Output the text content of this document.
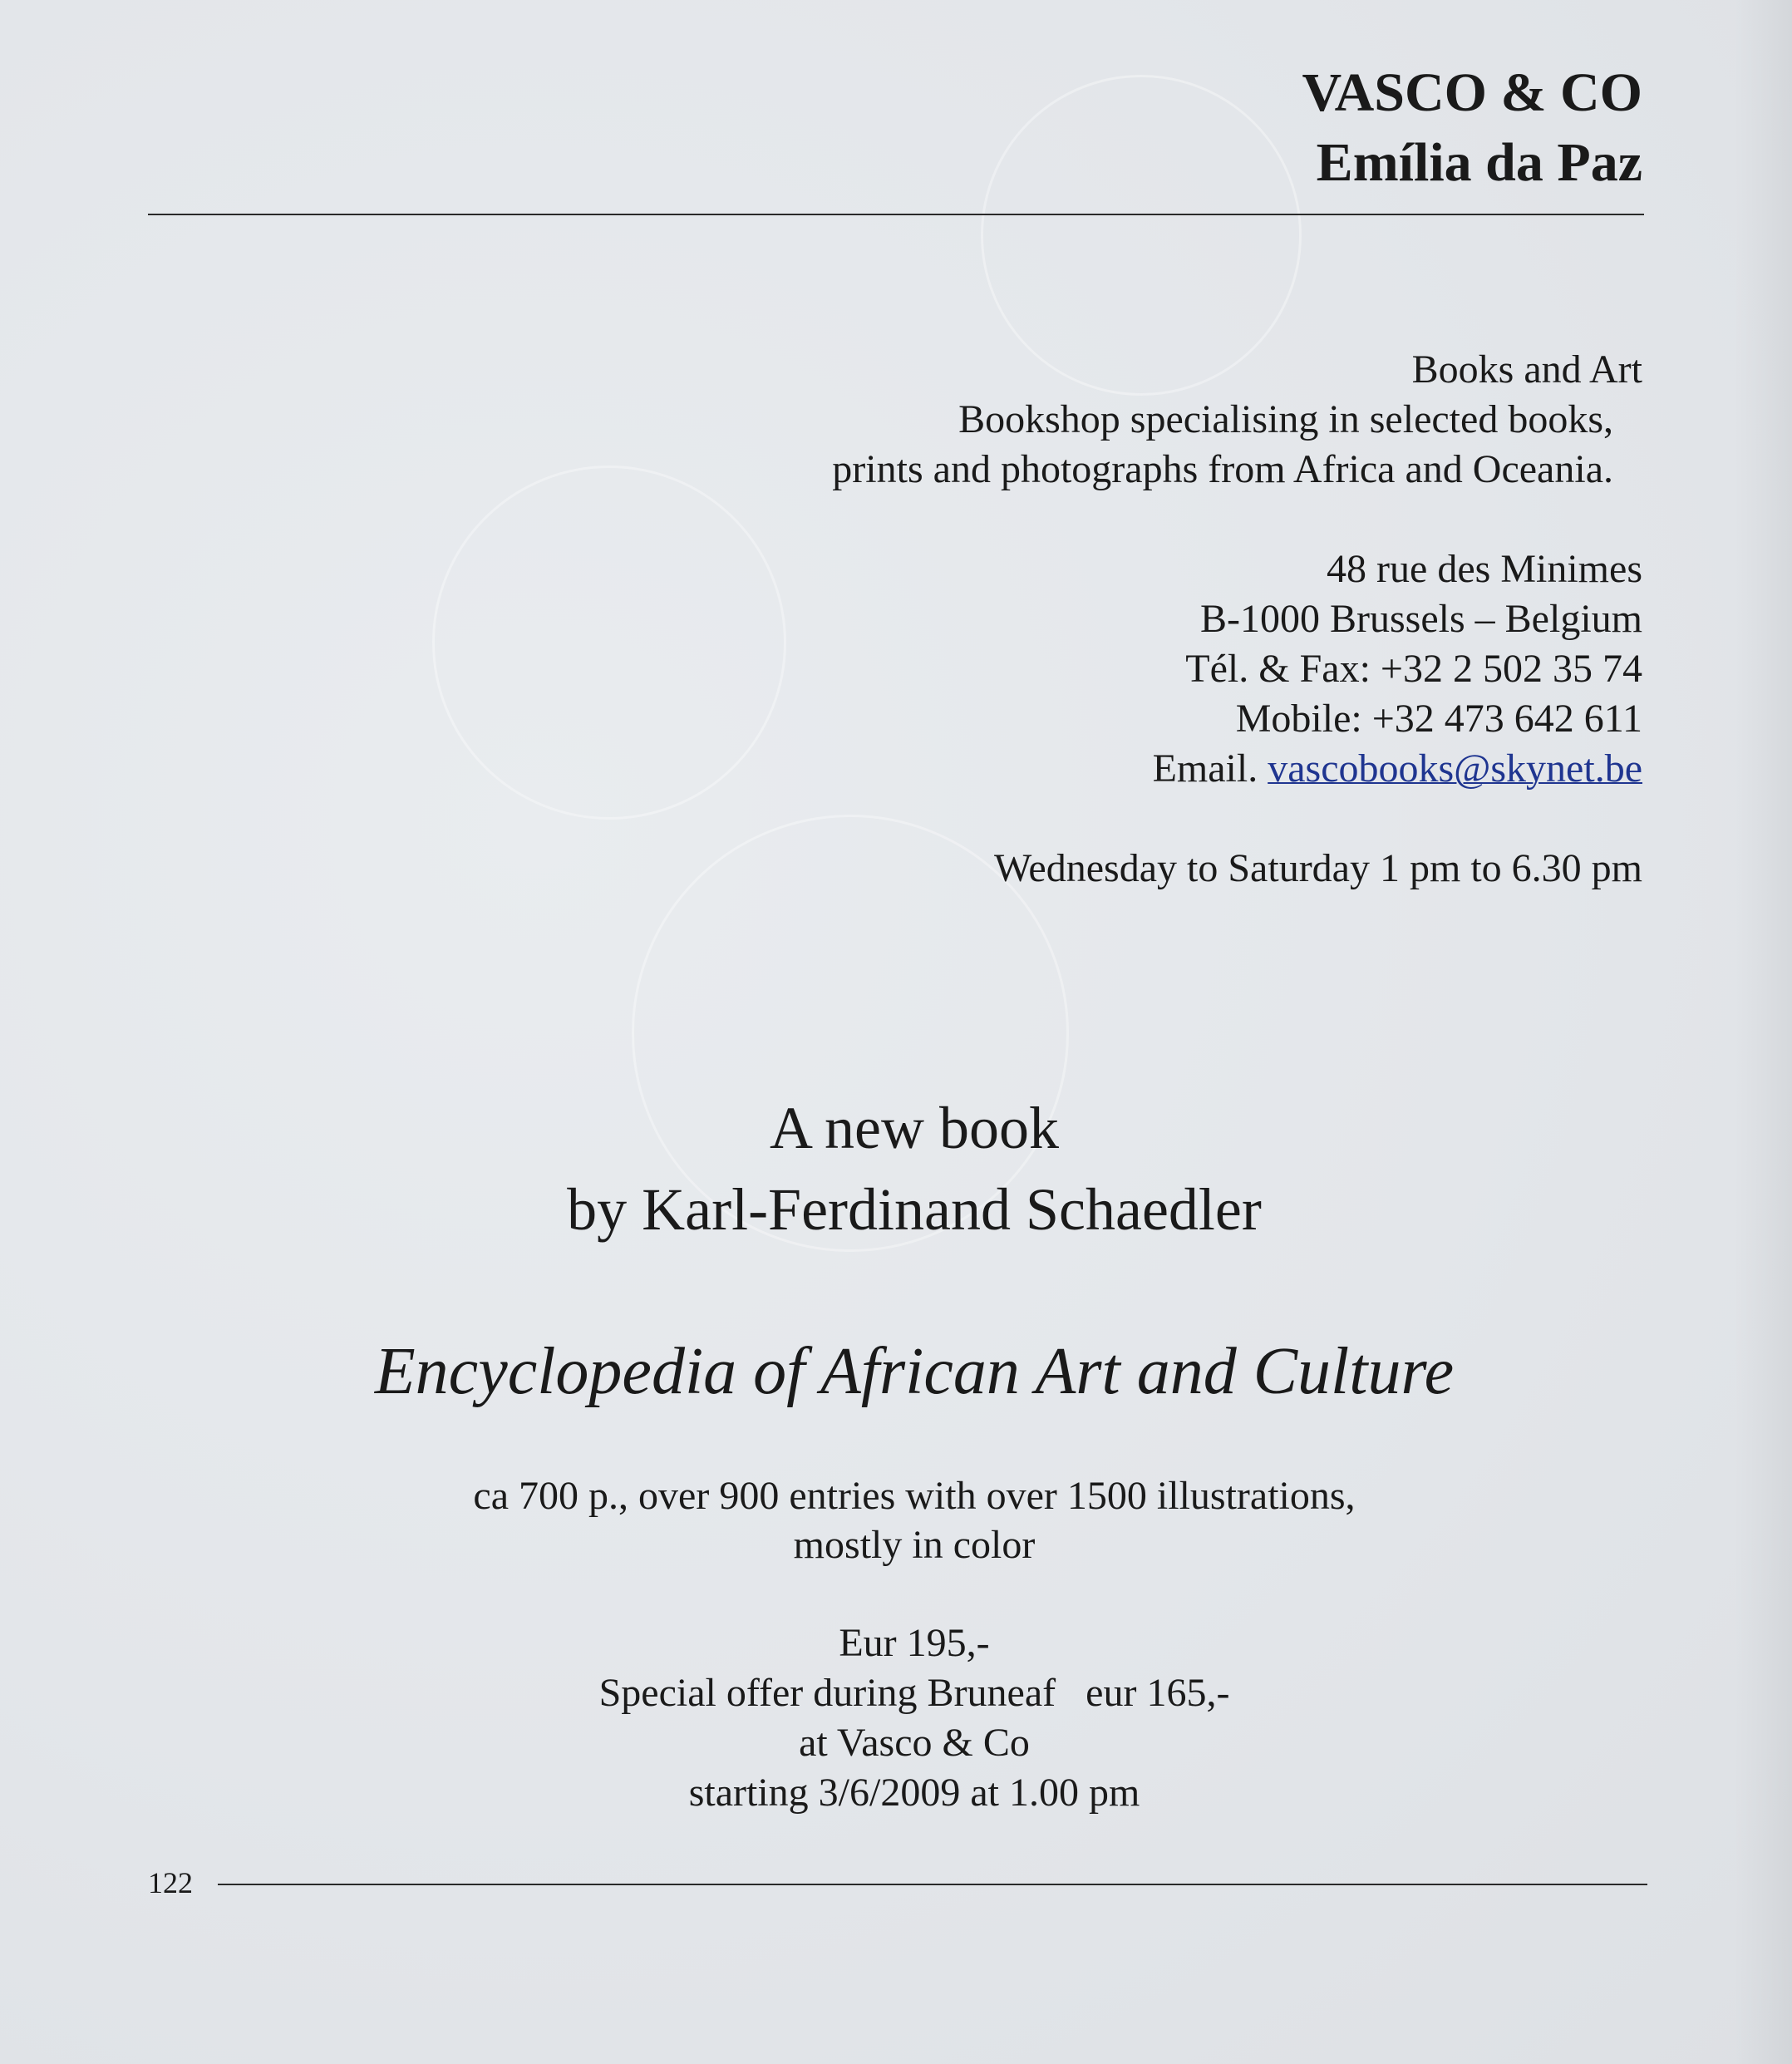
VASCO & CO
Emília da Paz
Books and Art
Bookshop specialising in selected books,
prints and photographs from Africa and Oceania.
48 rue des Minimes
B-1000 Brussels – Belgium
Tél. & Fax: +32 2 502 35 74
Mobile: +32 473 642 611
Email. vascobooks@skynet.be
Wednesday to Saturday 1 pm to 6.30 pm
A new book
by Karl-Ferdinand Schaedler
Encyclopedia of African Art and Culture
ca 700 p., over 900 entries with over 1500 illustrations,
mostly in color
Eur 195,-
Special offer during Bruneaf   eur 165,-
at Vasco & Co
starting 3/6/2009 at 1.00 pm
122
